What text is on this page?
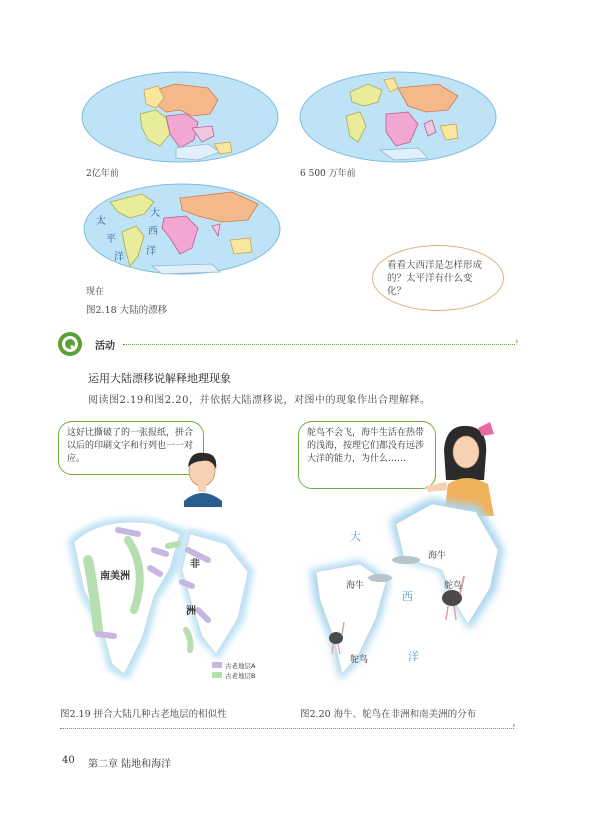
2亿年前	6 500 万年前
现在
太
平
洋
大
西
洋
图2.18 大陆的漂移
看看大西洋是怎样形成的？太平洋有什么变化？
活动	›
运用大陆漂移说解释地理现象
阅读图2.19和图2.20，并依据大陆漂移说，对图中的现象作出合理解释。
这好比撕破了的一张报纸，拼合以后的印刷文字和行列也一一对应。
南美洲
非
洲
古老地层A
古老地层B
图2.19 拼合大陆几种古老地层的相似性
鸵鸟不会飞，海牛生活在热带的浅海，按理它们都没有远涉大洋的能力，为什么……
大
西
洋
海牛
海牛	鸵鸟
鸵鸟
图2.20 海牛、鸵鸟在非洲和南美洲的分布
›
40 第二章 陆地和海洋
